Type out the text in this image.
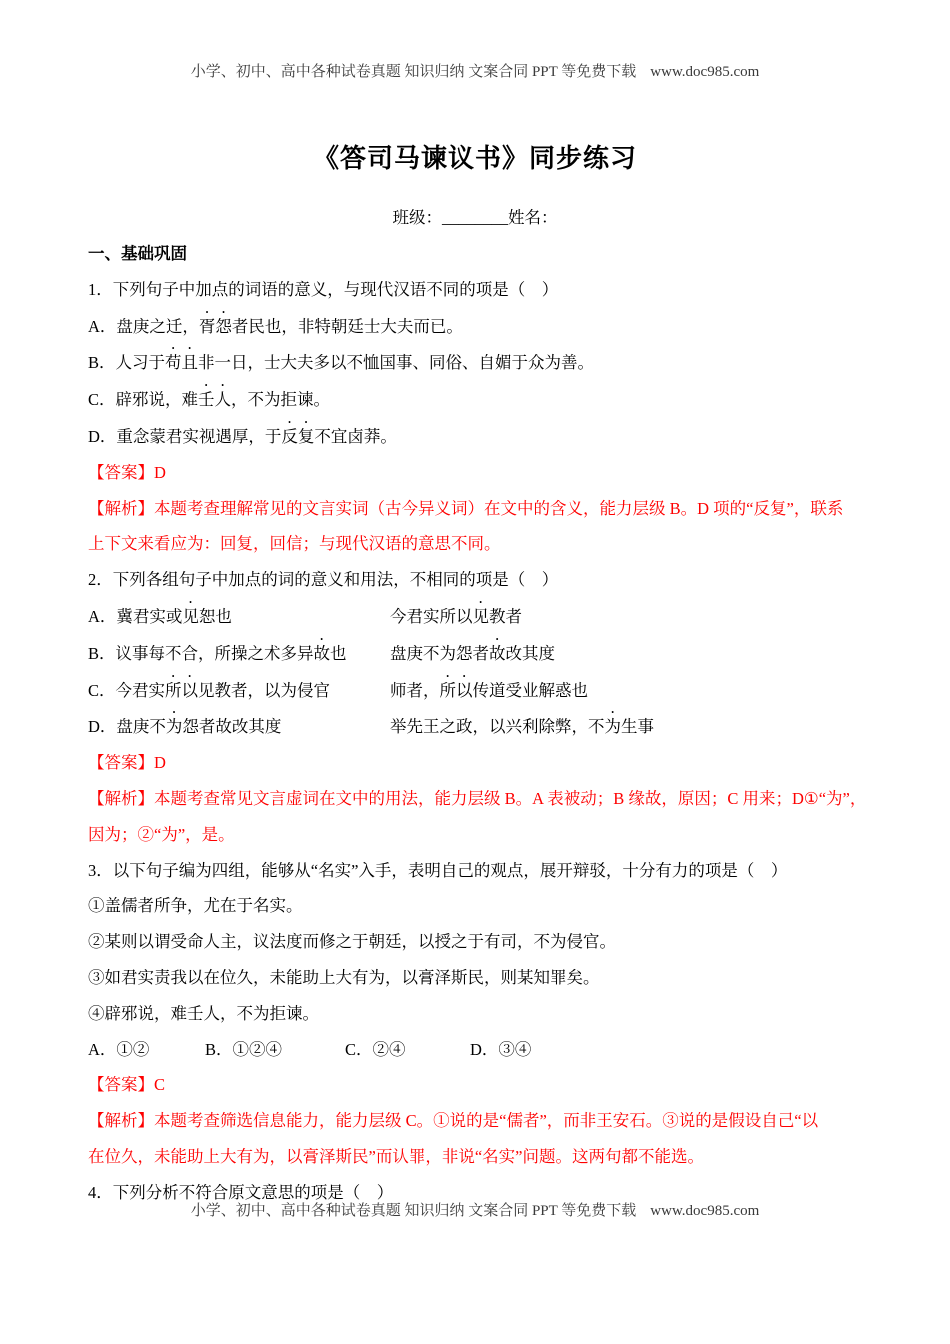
小学、初中、高中各种试卷真题 知识归纳 文案合同 PPT 等免费下载 www.doc985.com
《答司马谏议书》同步练习
班级：________姓名：

一、基础巩固

1．下列句子中加点的词语的意义，与现代汉语不同的项是（　）

A．盘庚之迁，胥怨者民也，非特朝廷士大夫而已。

B．人习于苟且非一日，士大夫多以不恤国事、同俗、自媚于众为善。

C．辟邪说，难壬人，不为拒谏。

D．重念蒙君实视遇厚，于反复不宜卤莽。

【答案】D

【解析】本题考查理解常见的文言实词（古今异义词）在文中的含义，能力层级 B。D 项的“反复”，联系

上下文来看应为：回复，回信；与现代汉语的意思不同。

2．下列各组句子中加点的词的意义和用法，不相同的项是（　）

A．冀君实或见恕也	今君实所以见教者

B．议事每不合，所操之术多异故也	盘庚不为怨者故改其度

C．今君实所以见教者，以为侵官	师者，所以传道受业解惑也

D．盘庚不为怨者故改其度	举先王之政，以兴利除弊，不为生事

【答案】D

【解析】本题考查常见文言虚词在文中的用法，能力层级 B。A 表被动；B 缘故，原因；C 用来；D①“为”，

因为；②“为”，是。

3．以下句子编为四组，能够从“名实”入手，表明自己的观点，展开辩驳，十分有力的项是（　）

①盖儒者所争，尤在于名实。

②某则以谓受命人主，议法度而修之于朝廷，以授之于有司，不为侵官。

③如君实责我以在位久，未能助上大有为，以膏泽斯民，则某知罪矣。

④辟邪说，难壬人，不为拒谏。

A．①②	B．①②④	C．②④	D．③④

【答案】C

【解析】本题考查筛选信息能力，能力层级 C。①说的是“儒者”，而非王安石。③说的是假设自己“以

在位久，未能助上大有为，以膏泽斯民”而认罪，非说“名实”问题。这两句都不能选。

4．下列分析不符合原文意思的项是（　）

小学、初中、高中各种试卷真题 知识归纳 文案合同 PPT 等免费下载 www.doc985.com
